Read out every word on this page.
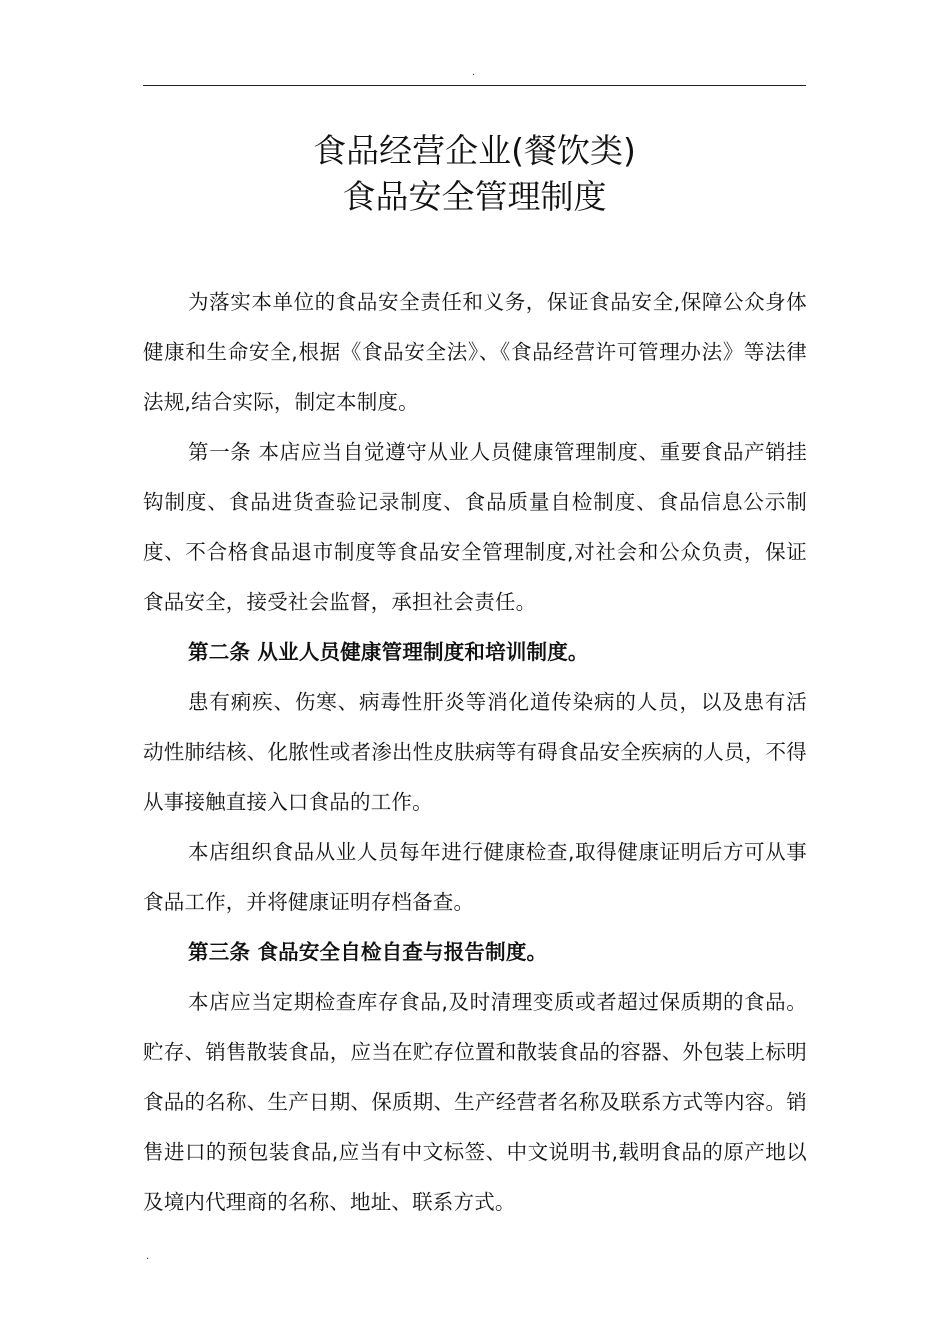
.
食品经营企业(餐饮类)
食品安全管理制度

为落实本单位的食品安全责任和义务，保证食品安全,保障公众身体健康和生命安全,根据《食品安全法》、《食品经营许可管理办法》等法律法规,结合实际，制定本制度。

第一条 本店应当自觉遵守从业人员健康管理制度、重要食品产销挂钩制度、食品进货查验记录制度、食品质量自检制度、食品信息公示制度、不合格食品退市制度等食品安全管理制度,对社会和公众负责，保证食品安全，接受社会监督，承担社会责任。

第二条 从业人员健康管理制度和培训制度。

患有痢疾、伤寒、病毒性肝炎等消化道传染病的人员，以及患有活动性肺结核、化脓性或者渗出性皮肤病等有碍食品安全疾病的人员，不得从事接触直接入口食品的工作。

本店组织食品从业人员每年进行健康检查,取得健康证明后方可从事食品工作，并将健康证明存档备查。

第三条 食品安全自检自查与报告制度。

本店应当定期检查库存食品,及时清理变质或者超过保质期的食品。贮存、销售散装食品，应当在贮存位置和散装食品的容器、外包装上标明食品的名称、生产日期、保质期、生产经营者名称及联系方式等内容。销售进口的预包装食品,应当有中文标签、中文说明书,载明食品的原产地以及境内代理商的名称、地址、联系方式。

.
